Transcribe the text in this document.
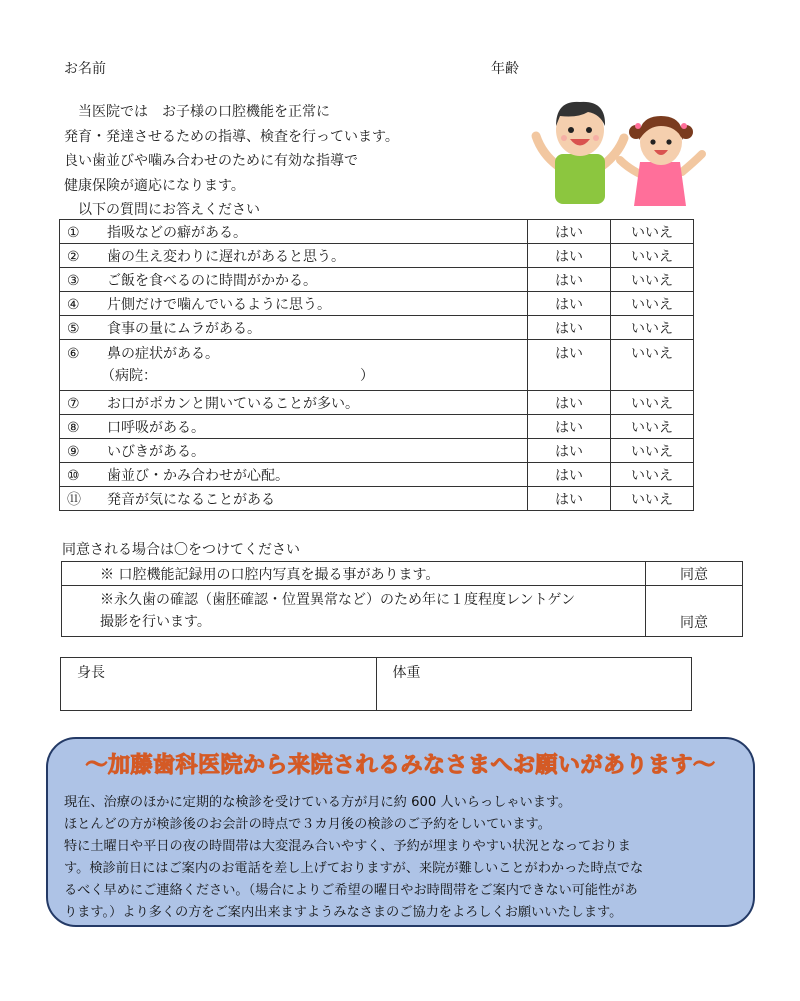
お名前	年齢
　当医院では　お子様の口腔機能を正常に
発育・発達させるための指導、検査を行っています。
良い歯並びや噛み合わせのために有効な指導で
健康保険が適応になります。
　以下の質問にお答えください
① 指吸などの癖がある。	はい	いいえ
② 歯の生え変わりに遅れがあると思う。	はい	いいえ
③ ご飯を食べるのに時間がかかる。	はい	いいえ
④ 片側だけで噛んでいるように思う。	はい	いいえ
⑤ 食事の量にムラがある。	はい	いいえ

⑥ 鼻の症状がある。
（病院：　　　　　　　　　　　　　　　）	はい	いいえ
⑦ お口がポカンと開いていることが多い。	はい	いいえ
⑧ 口呼吸がある。	はい	いいえ
⑨ いびきがある。	はい	いいえ
⑩ 歯並び・かみ合わせが心配。	はい	いいえ
⑪ 発音が気になることがある	はい	いいえ
同意される場合は〇をつけてください
※ 口腔機能記録用の口腔内写真を撮る事があります。	同意

※永久歯の確認（歯胚確認・位置異常など）のため年に１度程度レントゲン
撮影を行います。	同意
身長	体重
～加藤歯科医院から来院されるみなさまへお願いがあります～
現在、治療のほかに定期的な検診を受けている方が月に約 600 人いらっしゃいます。
ほとんどの方が検診後のお会計の時点で３カ月後の検診のご予約をしいています。
特に土曜日や平日の夜の時間帯は大変混み合いやすく、予約が埋まりやすい状況となっておりま
す。検診前日にはご案内のお電話を差し上げておりますが、来院が難しいことがわかった時点でな
るべく早めにご連絡ください。（場合によりご希望の曜日やお時間帯をご案内できない可能性があ
ります。）より多くの方をご案内出来ますようみなさまのご協力をよろしくお願いいたします。
